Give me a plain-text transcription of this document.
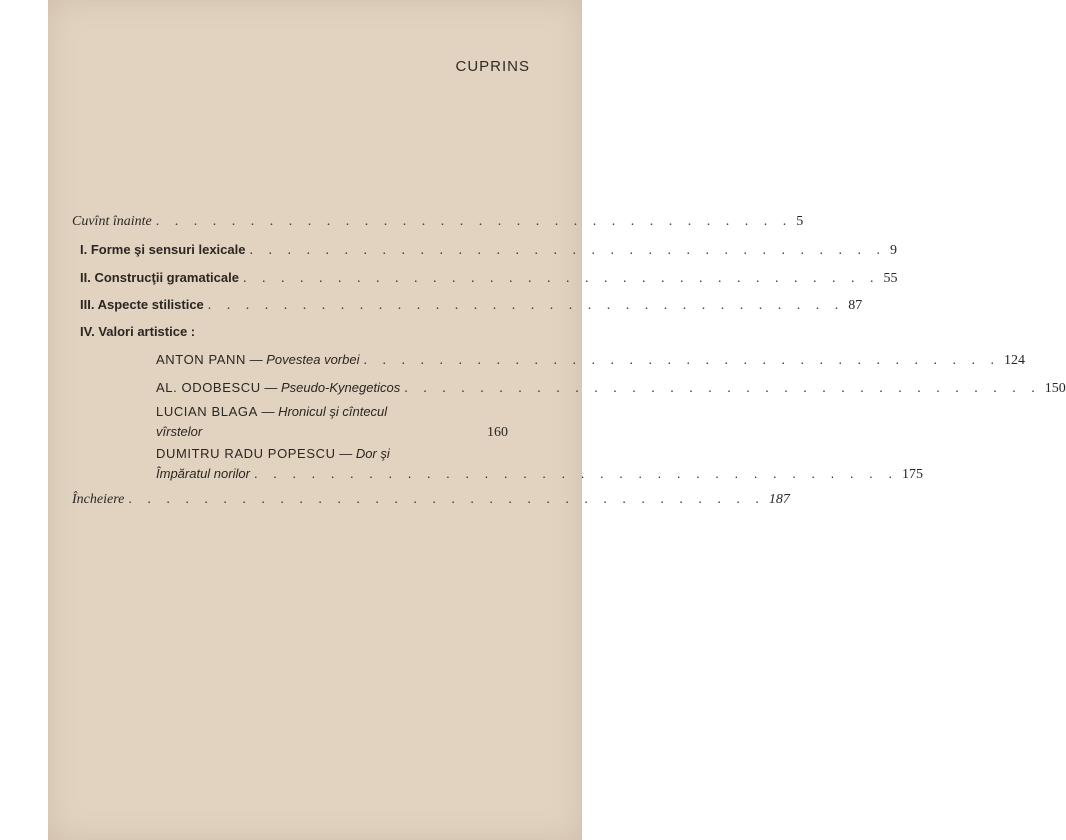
CUPRINS
Cuvînt înainte . . . . . . . . . . . . . . . . . . . . . . . . . . . . . . . . . . 5
I. Forme şi sensuri lexicale . . . . . . . . . . . . . . . . . . . . . . . . . . . . . . . . . . 9
II. Construcţii gramaticale . . . . . . . . . . . . . . . . . . . . . . . . . . . . . . . . . . 55
III. Aspecte stilistice . . . . . . . . . . . . . . . . . . . . . . . . . . . . . . . . . . 87
IV. Valori artistice :
ANTON PANN — Povestea vorbei . . . . . . . . . . . . . . . . . . . . . . . . . . . . . . . . . . 124
AL. ODOBESCU — Pseudo-Kynegeticos . . . . . . . . . . . . . . . . . . . . . . . . . . . . . . . . . . 150
LUCIAN BLAGA — Hronicul şi cîntecul
vîrstelor	160
DUMITRU RADU POPESCU — Dor şi
Împăratul norilor . . . . . . . . . . . . . . . . . . . . . . . . . . . . . . . . . . 175
Încheiere . . . . . . . . . . . . . . . . . . . . . . . . . . . . . . . . . . 187
